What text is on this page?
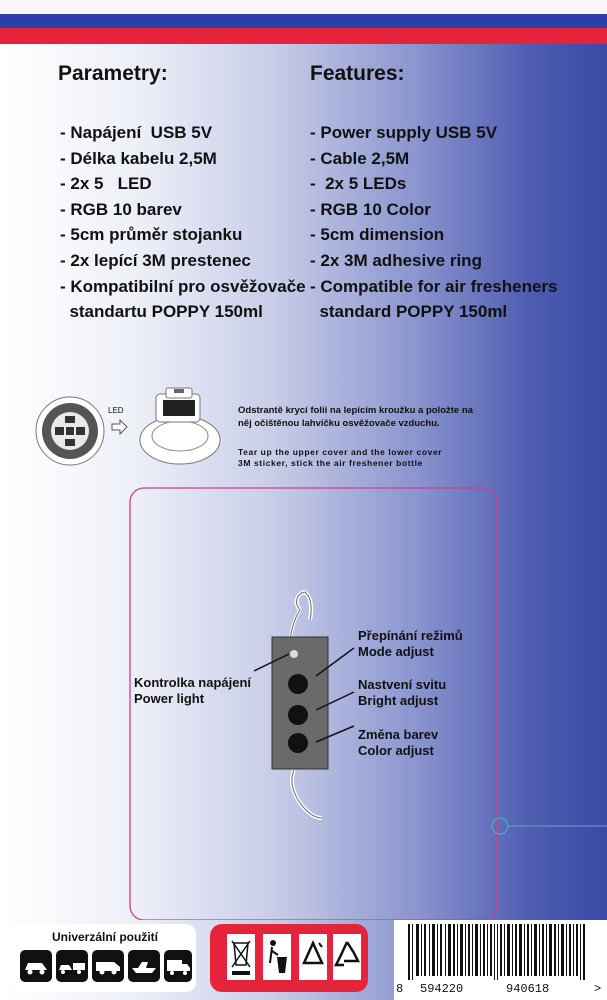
Parametry:	Features:
- Napájení  USB 5V
- Délka kabelu 2,5M
- 2x 5   LED
- RGB 10 barev
- 5cm průměr stojanku
- 2x lepící 3M prestenec
- Kompatibilní pro osvěžovače
standartu POPPY 150ml
- Power supply USB 5V
- Cable 2,5M
-  2x 5 LEDs
- RGB 10 Color
- 5cm dimension
- 2x 3M adhesive ring
- Compatible for air fresheners
standard POPPY 150ml
LED	Odstrantě krycí folii na lepícím kroužku a položte na něj očištěnou lahvičku osvěžovače vzduchu.

Tear up the upper cover and the lower cover 3M sticker, stick the air freshener bottle

Kontrolka napájení

Power light

Přepínání režimů

Mode adjust

Nastvení svitu

Bright adjust

Změna barev

Color adjust

Univerzální použití
8 594220	940618	>
